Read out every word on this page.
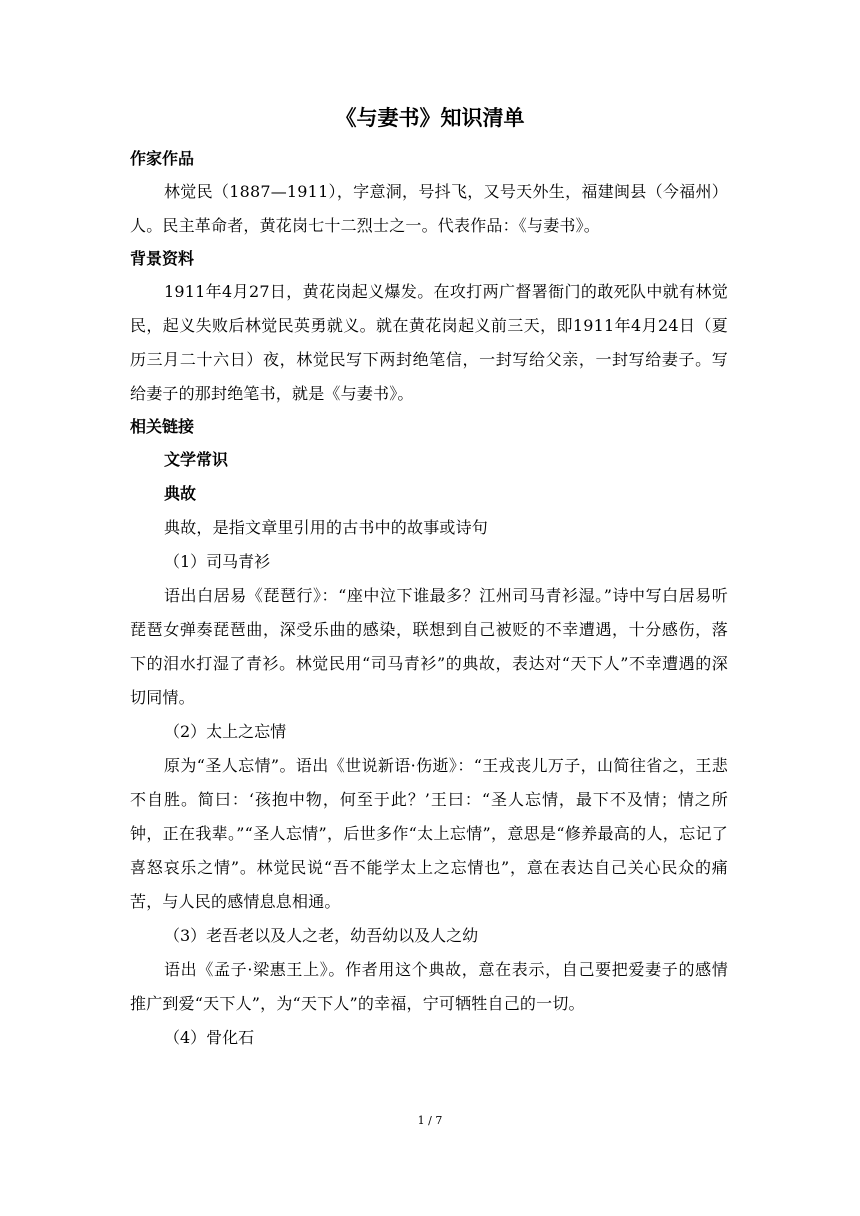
《与妻书》知识清单
作家作品
林觉民（1887—1911），字意洞，号抖飞，又号天外生，福建闽县（今福州）人。民主革命者，黄花岗七十二烈士之一。代表作品：《与妻书》。
背景资料
1911年4月27日，黄花岗起义爆发。在攻打两广督署衙门的敢死队中就有林觉民，起义失败后林觉民英勇就义。就在黄花岗起义前三天，即1911年4月24日（夏历三月二十六日）夜，林觉民写下两封绝笔信，一封写给父亲，一封写给妻子。写给妻子的那封绝笔书，就是《与妻书》。
相关链接
文学常识
典故
典故，是指文章里引用的古书中的故事或诗句
（1）司马青衫
语出白居易《琵琶行》：“座中泣下谁最多？江州司马青衫湿。”诗中写白居易听琵琶女弹奏琵琶曲，深受乐曲的感染，联想到自己被贬的不幸遭遇，十分感伤，落下的泪水打湿了青衫。林觉民用“司马青衫”的典故，表达对“天下人”不幸遭遇的深切同情。
（2）太上之忘情
原为“圣人忘情”。语出《世说新语·伤逝》：“王戎丧儿万子，山简往省之，王悲不自胜。简曰：‘孩抱中物，何至于此？’王曰：“圣人忘情，最下不及情；情之所钟，正在我辈。”“圣人忘情”，后世多作“太上忘情”，意思是“修养最高的人，忘记了喜怒哀乐之情”。林觉民说“吾不能学太上之忘情也”，意在表达自己关心民众的痛苦，与人民的感情息息相通。
（3）老吾老以及人之老，幼吾幼以及人之幼
语出《孟子·梁惠王上》。作者用这个典故，意在表示，自己要把爱妻子的感情推广到爱“天下人”，为“天下人”的幸福，宁可牺牲自己的一切。
（4）骨化石
1 / 7
